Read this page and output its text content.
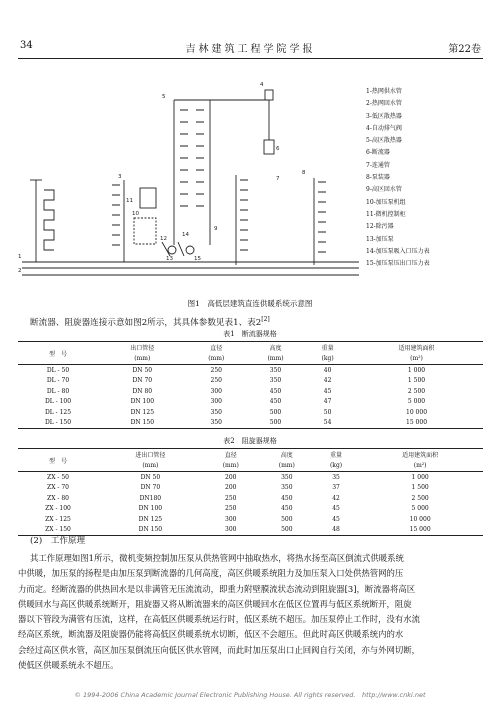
34	吉林建筑工程学院学报	第22卷
1
2
3
4
5
6
7
8
9
10
11
12
13
14
15
1-热网供水管
2-热网回水管
3-低区散热器
4-自动排气阀
5-高区散热器
6-断流器
7-连通管
8-泵装器
9-高区回水管
10-加压泵机组
11-微机控制柜
12-除污器
13-加压泵
14-加压泵吸入口压力表
15-加压泵压出口压力表
图1　高低层建筑直连供暖系统示意图
断流器、阻旋器连接示意如图2所示，其具体参数见表1、表2[2]
表1　断流器规格
型　号	出口管径	直径	高度	重量	适用建筑面积
	(mm)	(mm)	(mm)	(kg)	(m²)
DL - 50	DN 50	250	350	40	1 000
DL - 70	DN 70	250	350	42	1 500
DL - 80	DN 80	300	450	45	2 500
DL - 100	DN 100	300	450	47	5 000
DL - 125	DN 125	350	500	50	10 000
DL - 150	DN 150	350	500	54	15 000
表2　阻旋器规格
型　号	进出口管径	直径	高度	重量	适用建筑面积
	(mm)	(mm)	(mm)	(kg)	(m²)
ZX - 50	DN 50	200	350	35	1 000
ZX - 70	DN 70	200	350	37	1 500
ZX - 80	DN180	250	450	42	2 500
ZX - 100	DN 100	250	450	45	5 000
ZX - 125	DN 125	300	500	45	10 000
ZX - 150	DN 150	300	500	48	15 000
(2)　工作原理
其工作原理如图1所示，微机变频控制加压泵从供热管网中抽取热水，将热水扬至高区倒流式供暖系统
中供暖，加压泵的扬程是由加压泵到断流器的几何高度，高区供暖系统阻力及加压泵入口处供热管网的压
力而定。经断流器的供热回水是以非满管无压流流动，即重力附壁膜流状态流动到阻旋器[3]，断流器将高区
供暖回水与高区供暖系统断开，阻旋器又将从断流器来的高区供暖回水在低区位置再与低区系统断开，阻旋
器以下管段为满管有压流，这样，在高低区供暖系统运行时，低区系统不超压。加压泵停止工作时，没有水流
经高区系统，断流器及阻旋器仍能将高低区供暖系统水切断，低区不会超压。但此时高区供暖系统内的水
会经过高区供水管，高区加压泵倒流压向低区供水管网，而此时加压泵出口止回阀自行关闭，亦与外网切断，
使低区供暖系统永不超压。
© 1994-2006 China Academic Journal Electronic Publishing House. All rights reserved.　http://www.cnki.net
